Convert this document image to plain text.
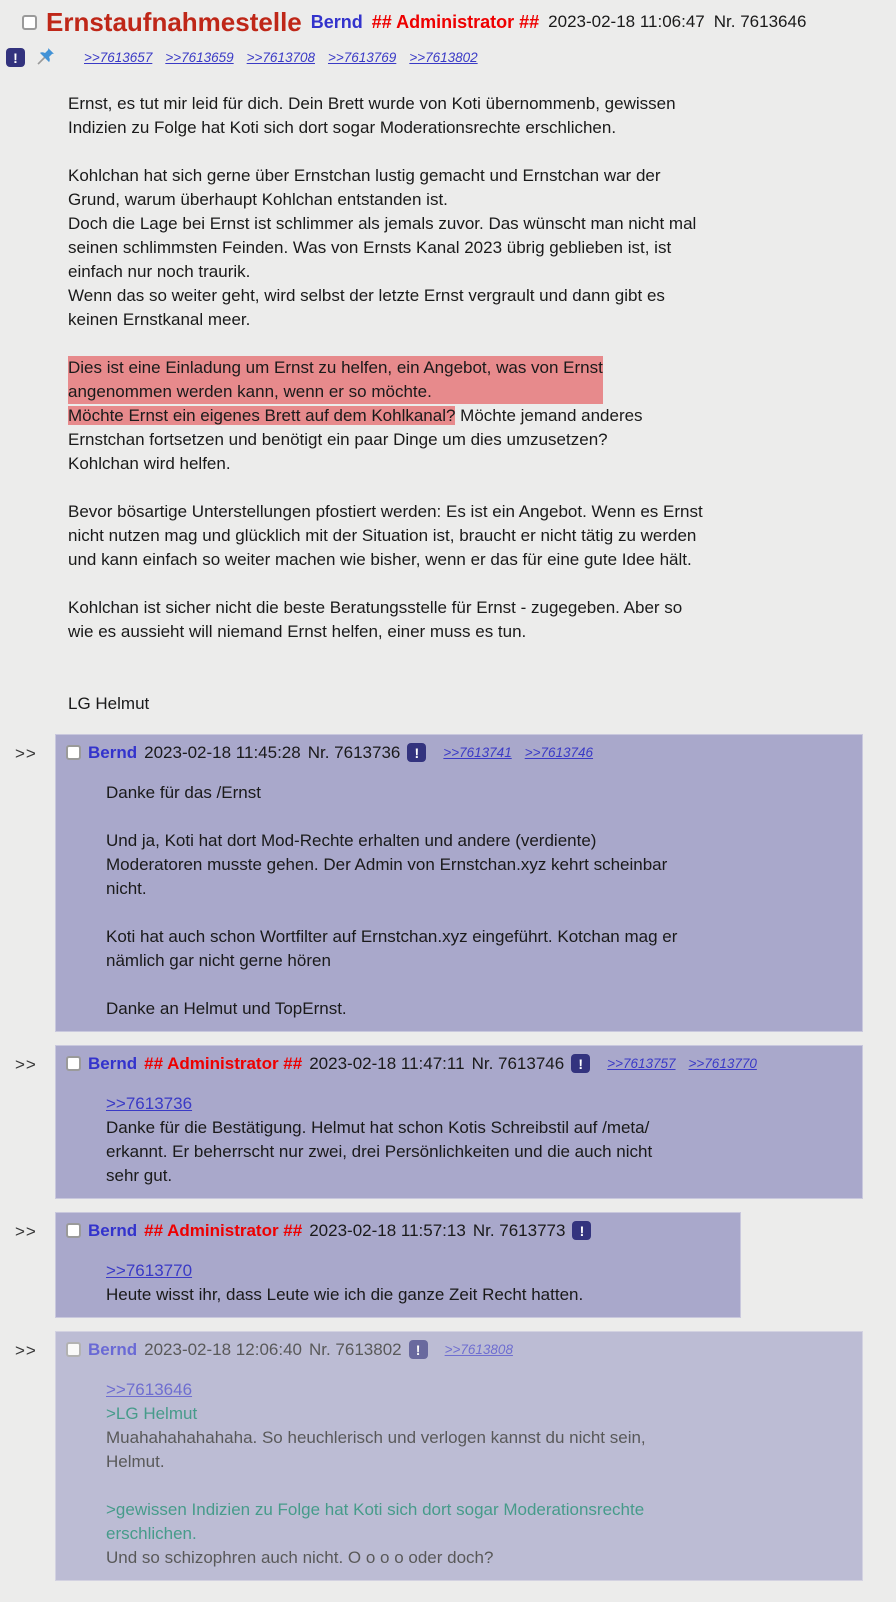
Ernstaufnahmestelle Bernd ## Administrator ## 2023-02-18 11:06:47 Nr. 7613646
!	>>7613657 >>7613659 >>7613708 >>7613769 >>7613802
Ernst, es tut mir leid für dich. Dein Brett wurde von Koti übernommenb, gewissen
Indizien zu Folge hat Koti sich dort sogar Moderationsrechte erschlichen.

Kohlchan hat sich gerne über Ernstchan lustig gemacht und Ernstchan war der
Grund, warum überhaupt Kohlchan entstanden ist.
Doch die Lage bei Ernst ist schlimmer als jemals zuvor. Das wünscht man nicht mal
seinen schlimmsten Feinden. Was von Ernsts Kanal 2023 übrig geblieben ist, ist
einfach nur noch traurik.
Wenn das so weiter geht, wird selbst der letzte Ernst vergrault und dann gibt es
keinen Ernstkanal meer.

Dies ist eine Einladung um Ernst zu helfen, ein Angebot, was von Ernst
angenommen werden kann, wenn er so möchte.
Möchte Ernst ein eigenes Brett auf dem Kohlkanal? Möchte jemand anderes
Ernstchan fortsetzen und benötigt ein paar Dinge um dies umzusetzen?
Kohlchan wird helfen.

Bevor bösartige Unterstellungen pfostiert werden: Es ist ein Angebot. Wenn es Ernst
nicht nutzen mag und glücklich mit der Situation ist, braucht er nicht tätig zu werden
und kann einfach so weiter machen wie bisher, wenn er das für eine gute Idee hält.

Kohlchan ist sicher nicht die beste Beratungsstelle für Ernst - zugegeben. Aber so
wie es aussieht will niemand Ernst helfen, einer muss es tun.

LG Helmut
>>	Bernd 2023-02-18 11:45:28 Nr. 7613736	!	>>7613741 >>7613746
Danke für das /Ernst

Und ja, Koti hat dort Mod-Rechte erhalten und andere (verdiente)
Moderatoren musste gehen. Der Admin von Ernstchan.xyz kehrt scheinbar
nicht.

Koti hat auch schon Wortfilter auf Ernstchan.xyz eingeführt. Kotchan mag er
nämlich gar nicht gerne hören

Danke an Helmut und TopErnst.
>>	Bernd ## Administrator ## 2023-02-18 11:47:11 Nr. 7613746	!	>>7613757 >>7613770
>>7613736
Danke für die Bestätigung. Helmut hat schon Kotis Schreibstil auf /meta/
erkannt. Er beherrscht nur zwei, drei Persönlichkeiten und die auch nicht
sehr gut.
>>	Bernd ## Administrator ## 2023-02-18 11:57:13 Nr. 7613773	!
>>7613770
Heute wisst ihr, dass Leute wie ich die ganze Zeit Recht hatten.
>>	Bernd 2023-02-18 12:06:40 Nr. 7613802	!	>>7613808
>>7613646
>LG Helmut
Muahahahahahaha. So heuchlerisch und verlogen kannst du nicht sein,
Helmut.

>gewissen Indizien zu Folge hat Koti sich dort sogar Moderationsrechte
erschlichen.
Und so schizophren auch nicht. O o o o oder doch?
